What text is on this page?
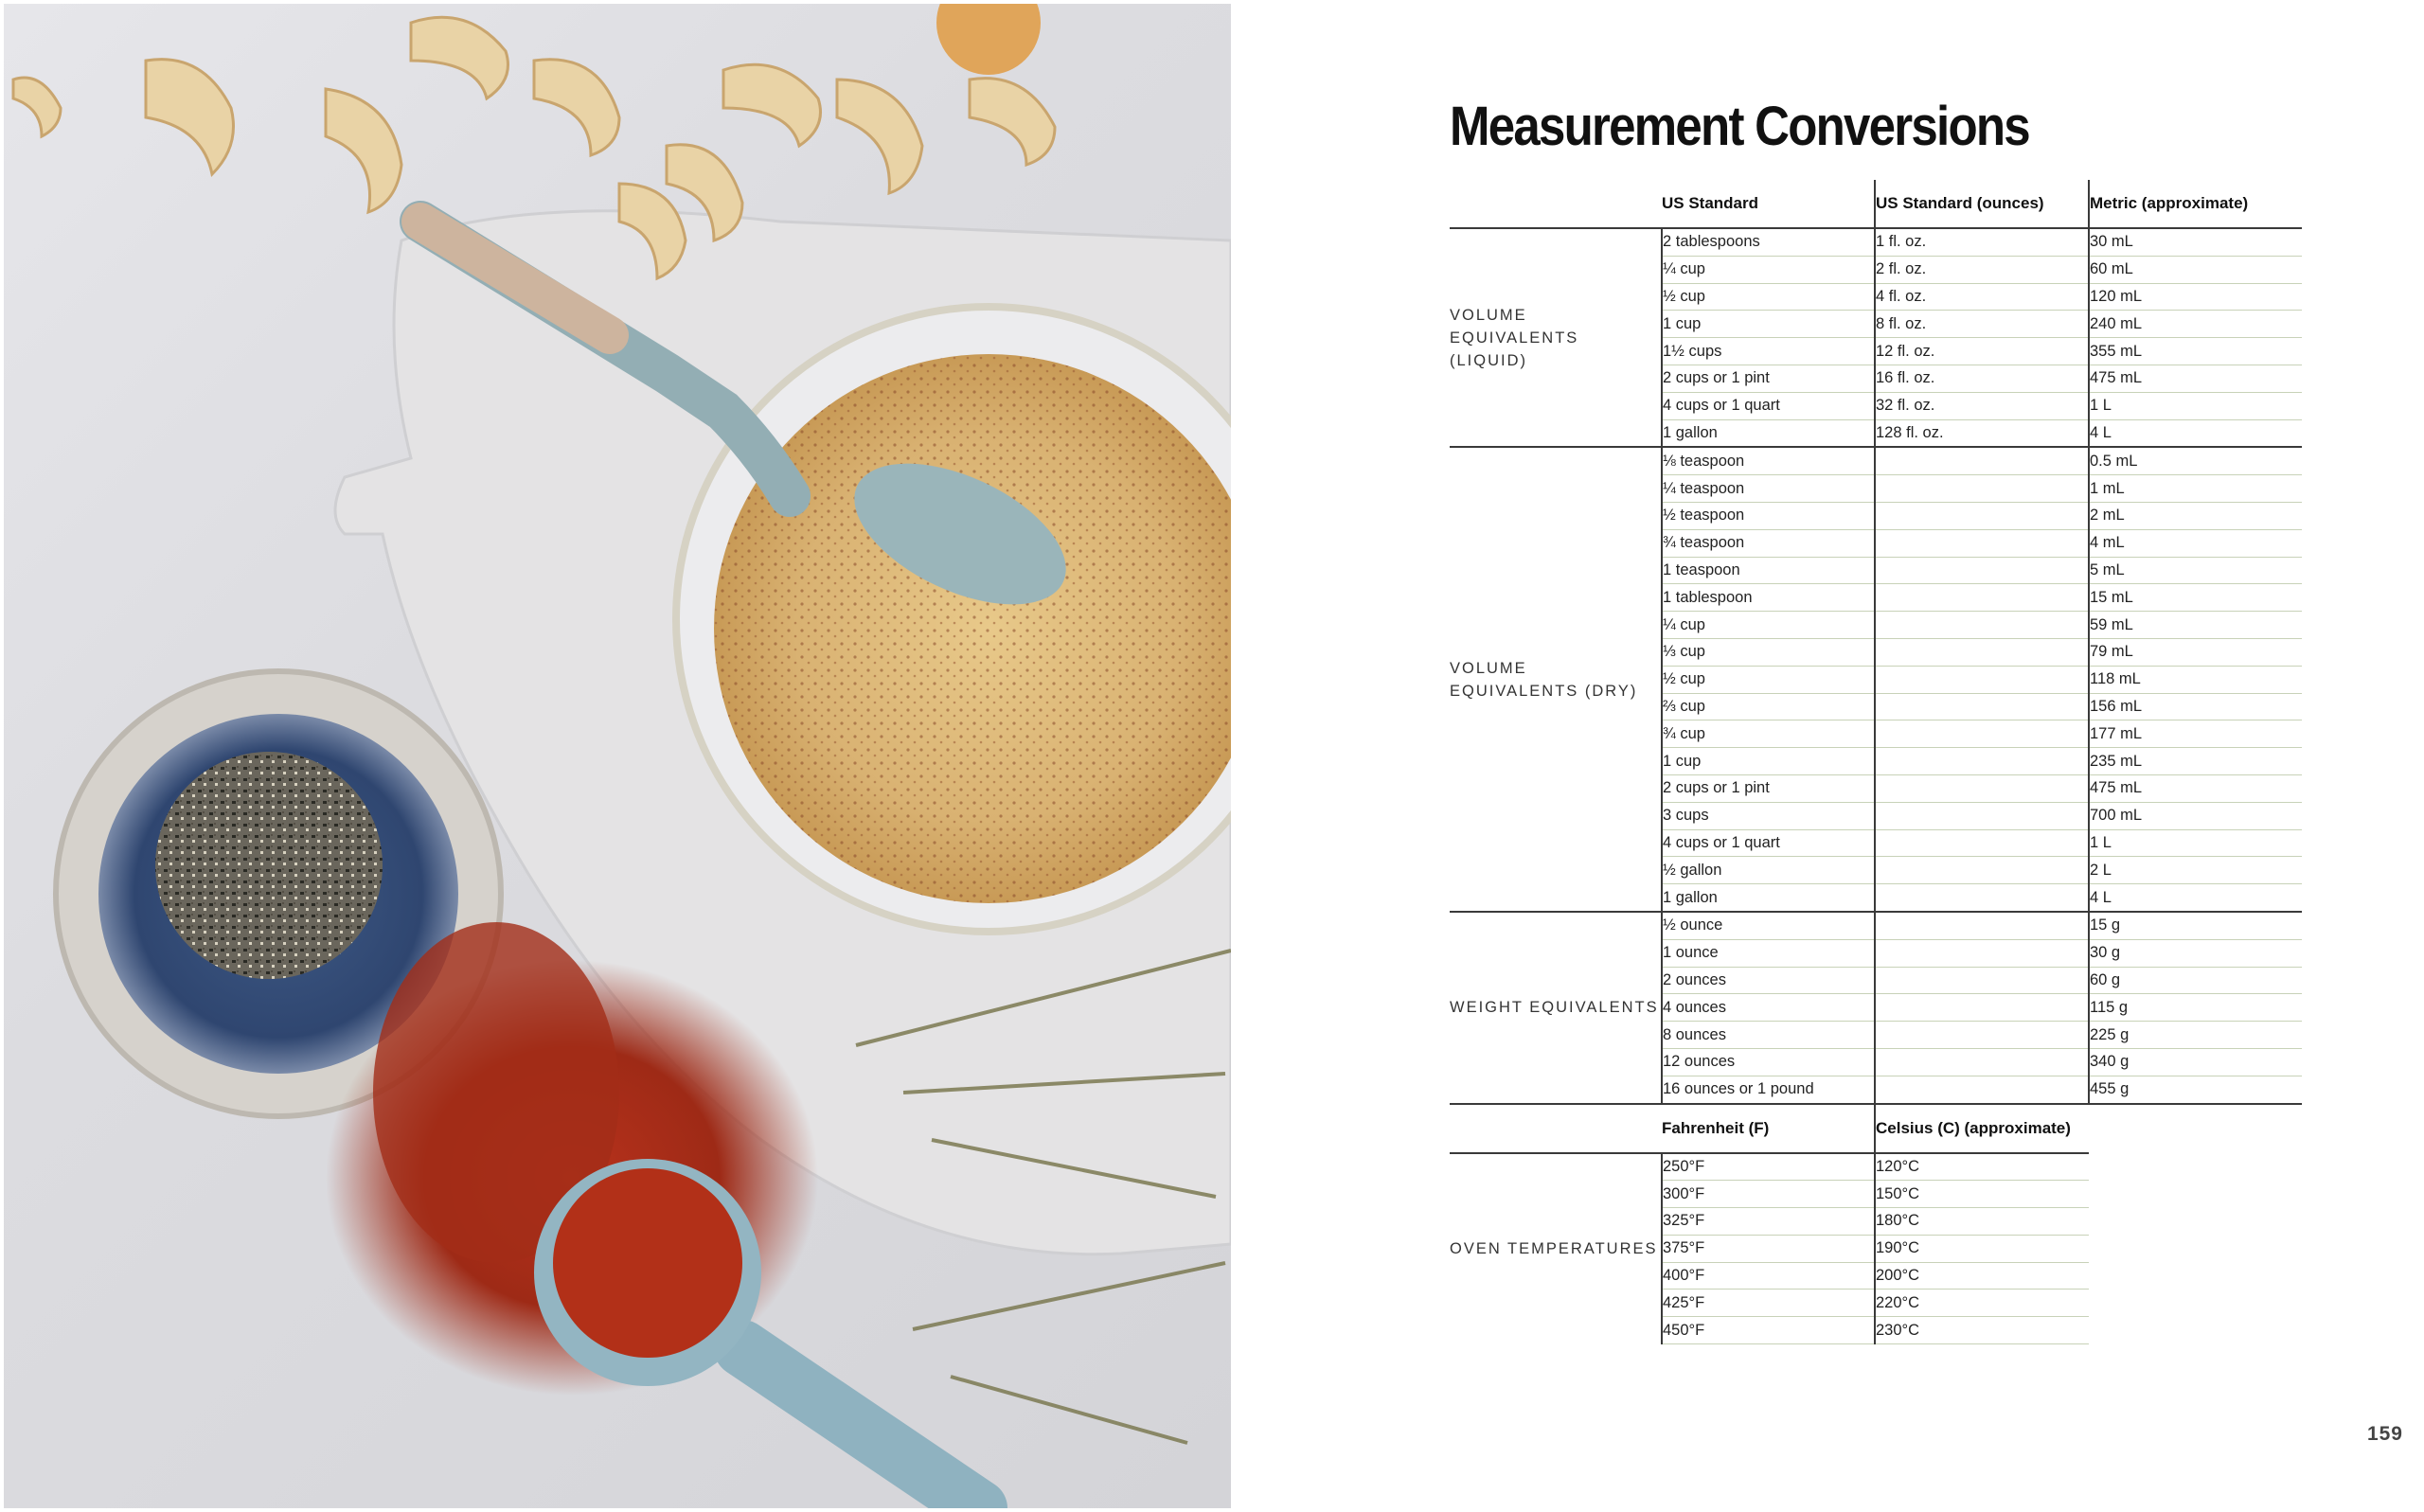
Measurement Conversions
	US Standard	US Standard (ounces)	Metric (approximate)
VOLUME EQUIVALENTS (LIQUID)	2 tablespoons	1 fl. oz.	30 mL
	¼ cup	2 fl. oz.	60 mL
	½ cup	4 fl. oz.	120 mL
	1 cup	8 fl. oz.	240 mL
	1½ cups	12 fl. oz.	355 mL
	2 cups or 1 pint	16 fl. oz.	475 mL
	4 cups or 1 quart	32 fl. oz.	1 L
	1 gallon	128 fl. oz.	4 L
VOLUME EQUIVALENTS (DRY)	⅛ teaspoon		0.5 mL
	¼ teaspoon		1 mL
	½ teaspoon		2 mL
	¾ teaspoon		4 mL
	1 teaspoon		5 mL
	1 tablespoon		15 mL
	¼ cup		59 mL
	⅓ cup		79 mL
	½ cup		118 mL
	⅔ cup		156 mL
	¾ cup		177 mL
	1 cup		235 mL
	2 cups or 1 pint		475 mL
	3 cups		700 mL
	4 cups or 1 quart		1 L
	½ gallon		2 L
	1 gallon		4 L
WEIGHT EQUIVALENTS	½ ounce		15 g
	1 ounce		30 g
	2 ounces		60 g
	4 ounces		115 g
	8 ounces		225 g
	12 ounces		340 g
	16 ounces or 1 pound		455 g
	Fahrenheit (F)	Celsius (C) (approximate)	
OVEN TEMPERATURES	250°F	120°C	
	300°F	150°C	
	325°F	180°C	
	375°F	190°C	
	400°F	200°C	
	425°F	220°C	
	450°F	230°C	
159
